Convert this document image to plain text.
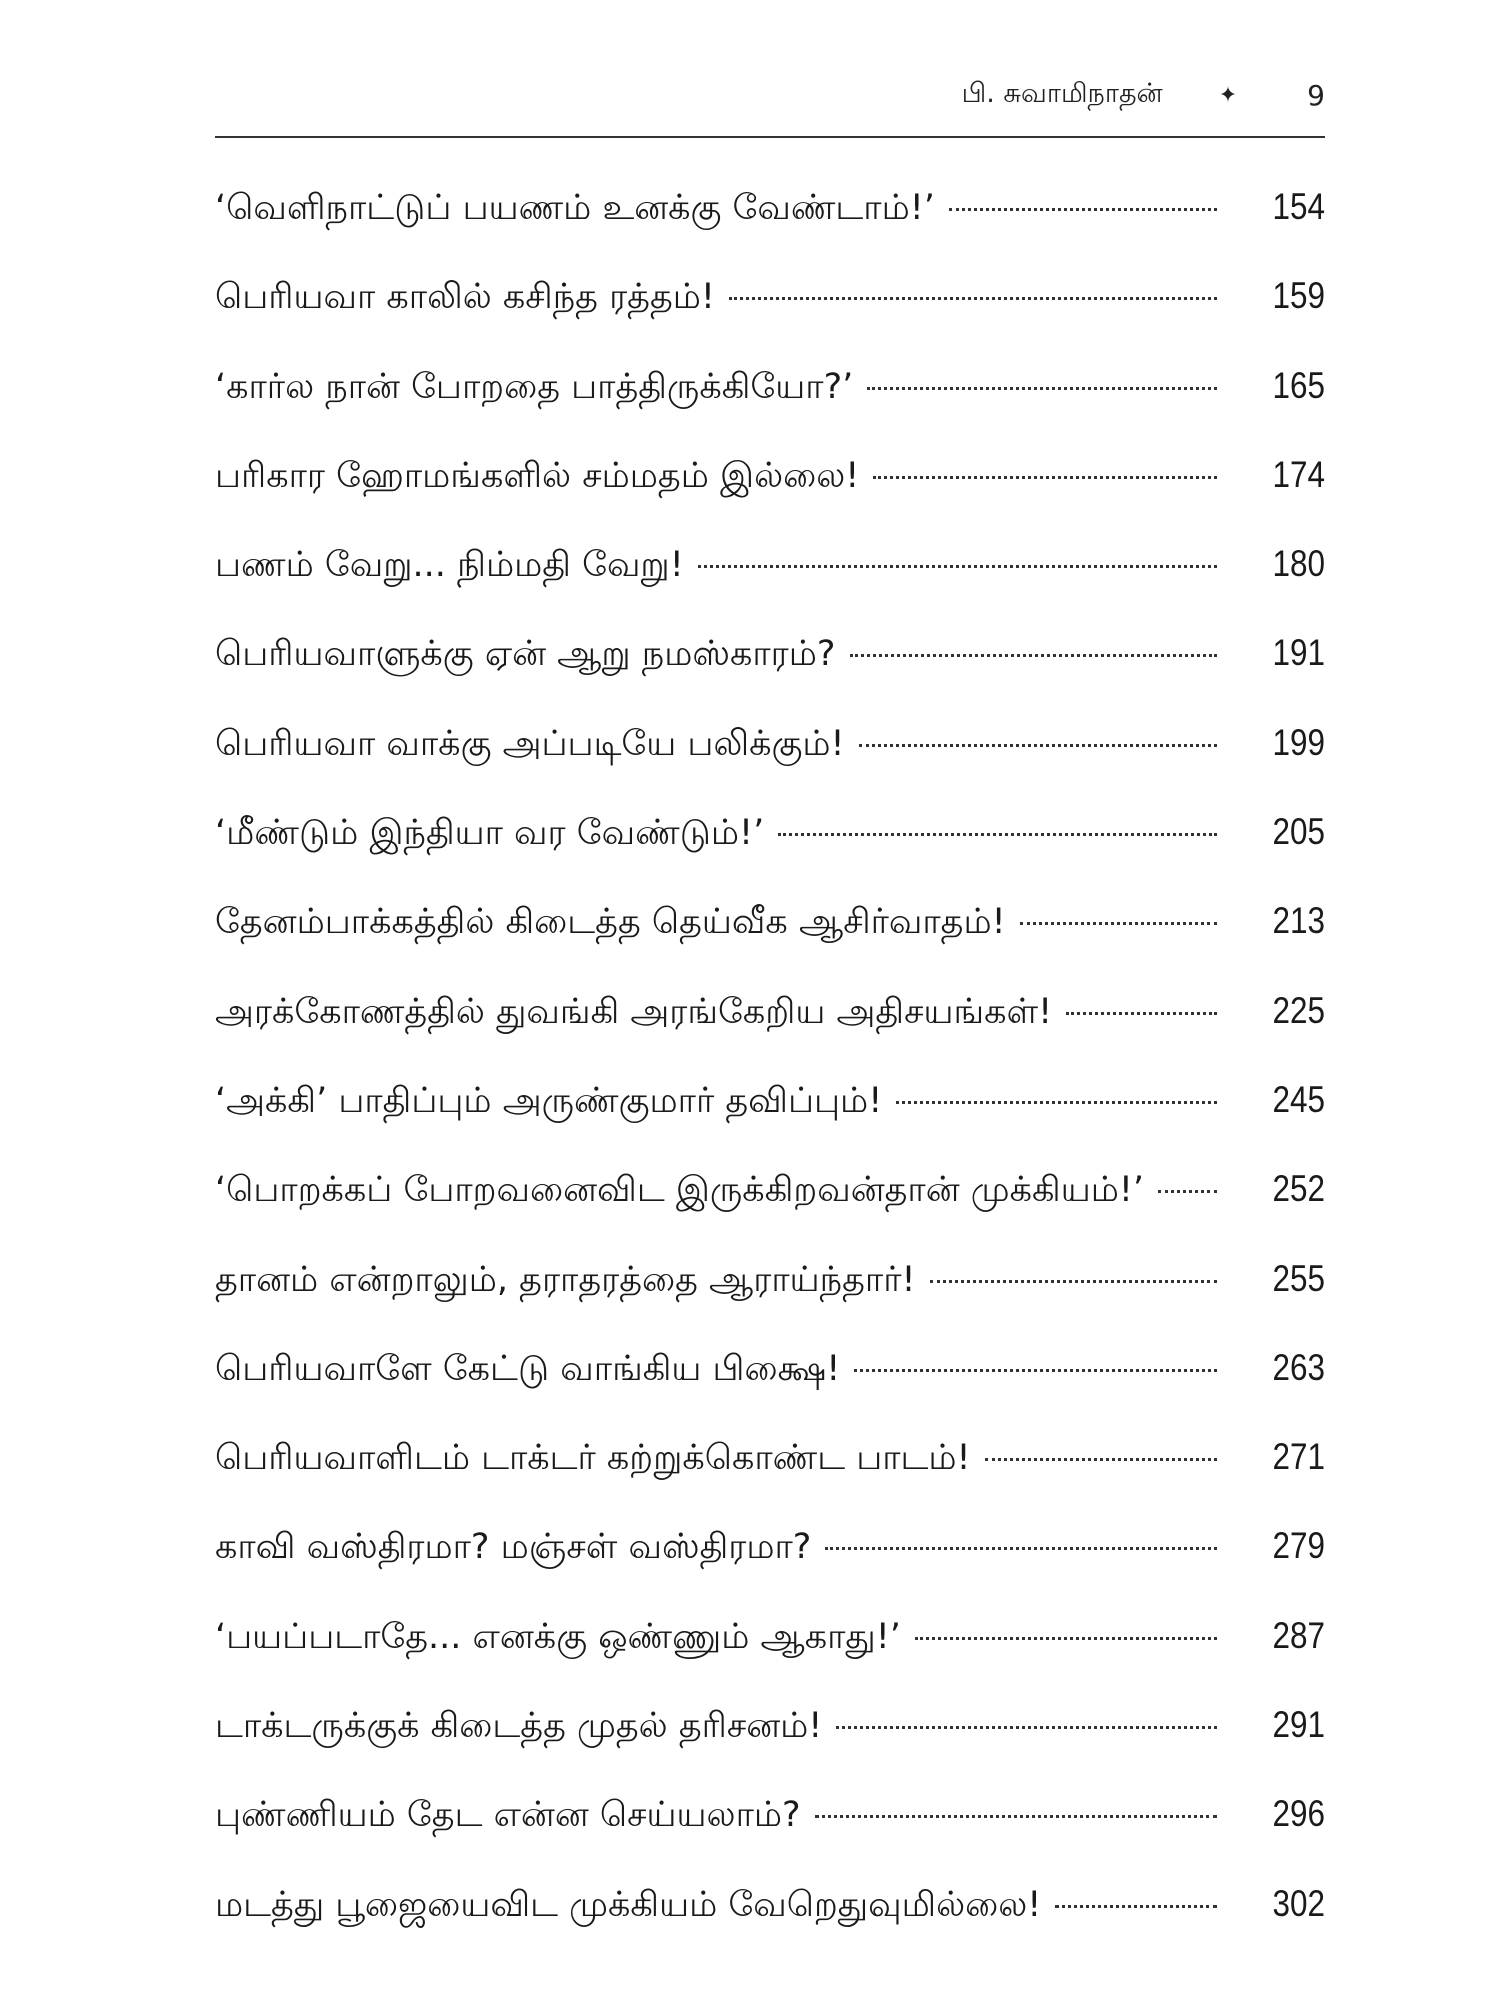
பி. சுவாமிநாதன்	✦	9
‘வெளிநாட்டுப் பயணம் உனக்கு வேண்டாம்!’	154
பெரியவா காலில் கசிந்த ரத்தம்!	159
‘கார்ல நான் போறதை பாத்திருக்கியோ?’	165
பரிகார ஹோமங்களில் சம்மதம் இல்லை!	174
பணம் வேறு... நிம்மதி வேறு!	180
பெரியவாளுக்கு ஏன் ஆறு நமஸ்காரம்?	191
பெரியவா வாக்கு அப்படியே பலிக்கும்!	199
‘மீண்டும் இந்தியா வர வேண்டும்!’	205
தேனம்பாக்கத்தில் கிடைத்த தெய்வீக ஆசிர்வாதம்!	213
அரக்கோணத்தில் துவங்கி அரங்கேறிய அதிசயங்கள்!	225
‘அக்கி’ பாதிப்பும் அருண்குமார் தவிப்பும்!	245
‘பொறக்கப் போறவனைவிட இருக்கிறவன்தான் முக்கியம்!’	252
தானம் என்றாலும், தராதரத்தை ஆராய்ந்தார்!	255
பெரியவாளே கேட்டு வாங்கிய பிக்ஷை!	263
பெரியவாளிடம் டாக்டர் கற்றுக்கொண்ட பாடம்!	271
காவி வஸ்திரமா? மஞ்சள் வஸ்திரமா?	279
‘பயப்படாதே... எனக்கு ஒண்ணும் ஆகாது!’	287
டாக்டருக்குக் கிடைத்த முதல் தரிசனம்!	291
புண்ணியம் தேட என்ன செய்யலாம்?	296
மடத்து பூஜையைவிட முக்கியம் வேறெதுவுமில்லை!	302
